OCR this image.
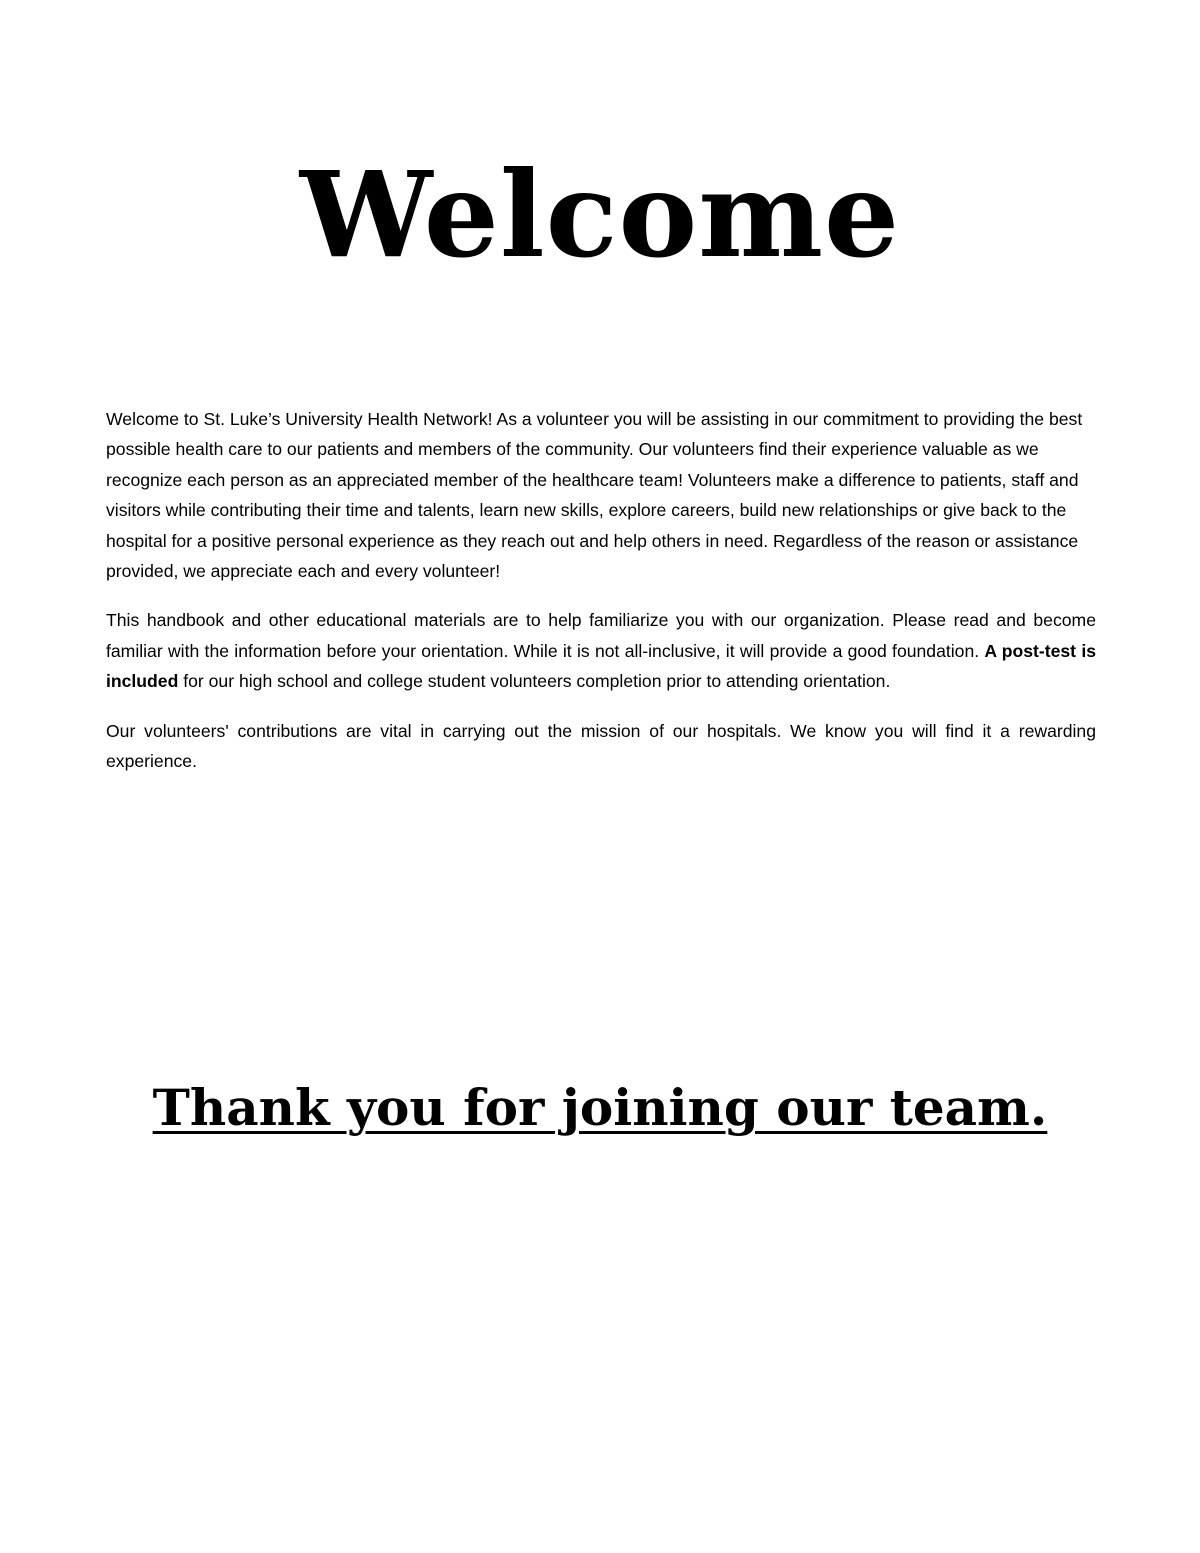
Welcome

Welcome to St. Luke’s University Health Network! As a volunteer you will be assisting in our commitment to providing the best possible health care to our patients and members of the community. Our volunteers find their experience valuable as we recognize each person as an appreciated member of the healthcare team! Volunteers make a difference to patients, staff and visitors while contributing their time and talents, learn new skills, explore careers, build new relationships or give back to the hospital for a positive personal experience as they reach out and help others in need. Regardless of the reason or assistance provided, we appreciate each and every volunteer!

This handbook and other educational materials are to help familiarize you with our organization. Please read and become familiar with the information before your orientation. While it is not all-inclusive, it will provide a good foundation. A post-test is included for our high school and college student volunteers completion prior to attending orientation.

Our volunteers' contributions are vital in carrying out the mission of our hospitals. We know you will find it a rewarding experience.

Thank you for joining our team.
